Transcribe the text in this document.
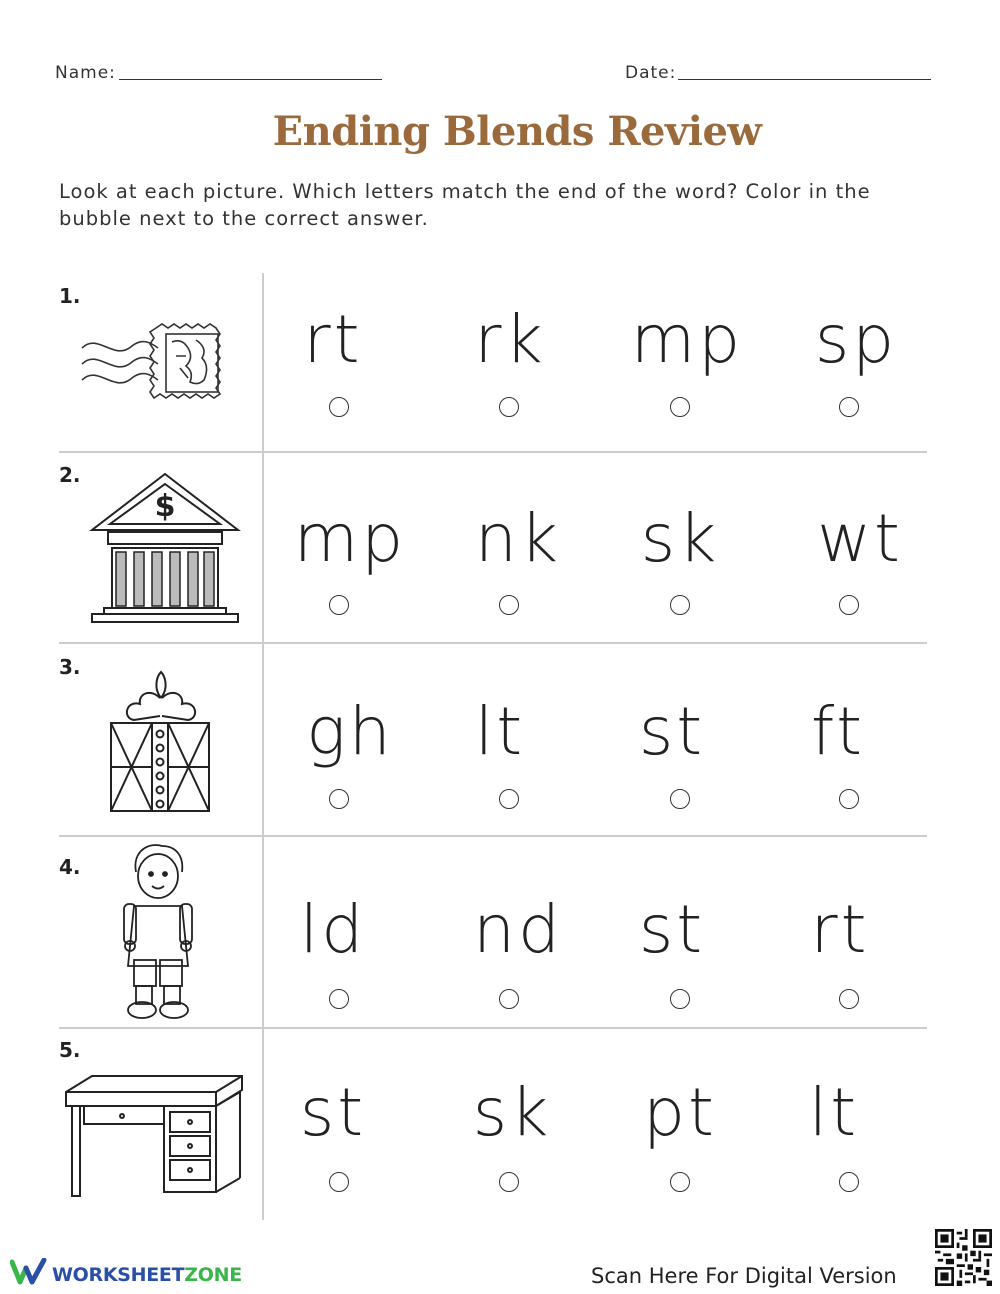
Name:	Date:
Ending Blends Review
Look at each picture. Which letters match the end of the word? Color in the bubble next to the correct answer.
1.
2.
3.
4.
5.
$
rt	rk	mp	sp
mp	nk	sk	wt
gh	lt	st	ft
ld	nd	st	rt
st	sk	pt	lt
WORKSHEETZONE	Scan Here For Digital Version
